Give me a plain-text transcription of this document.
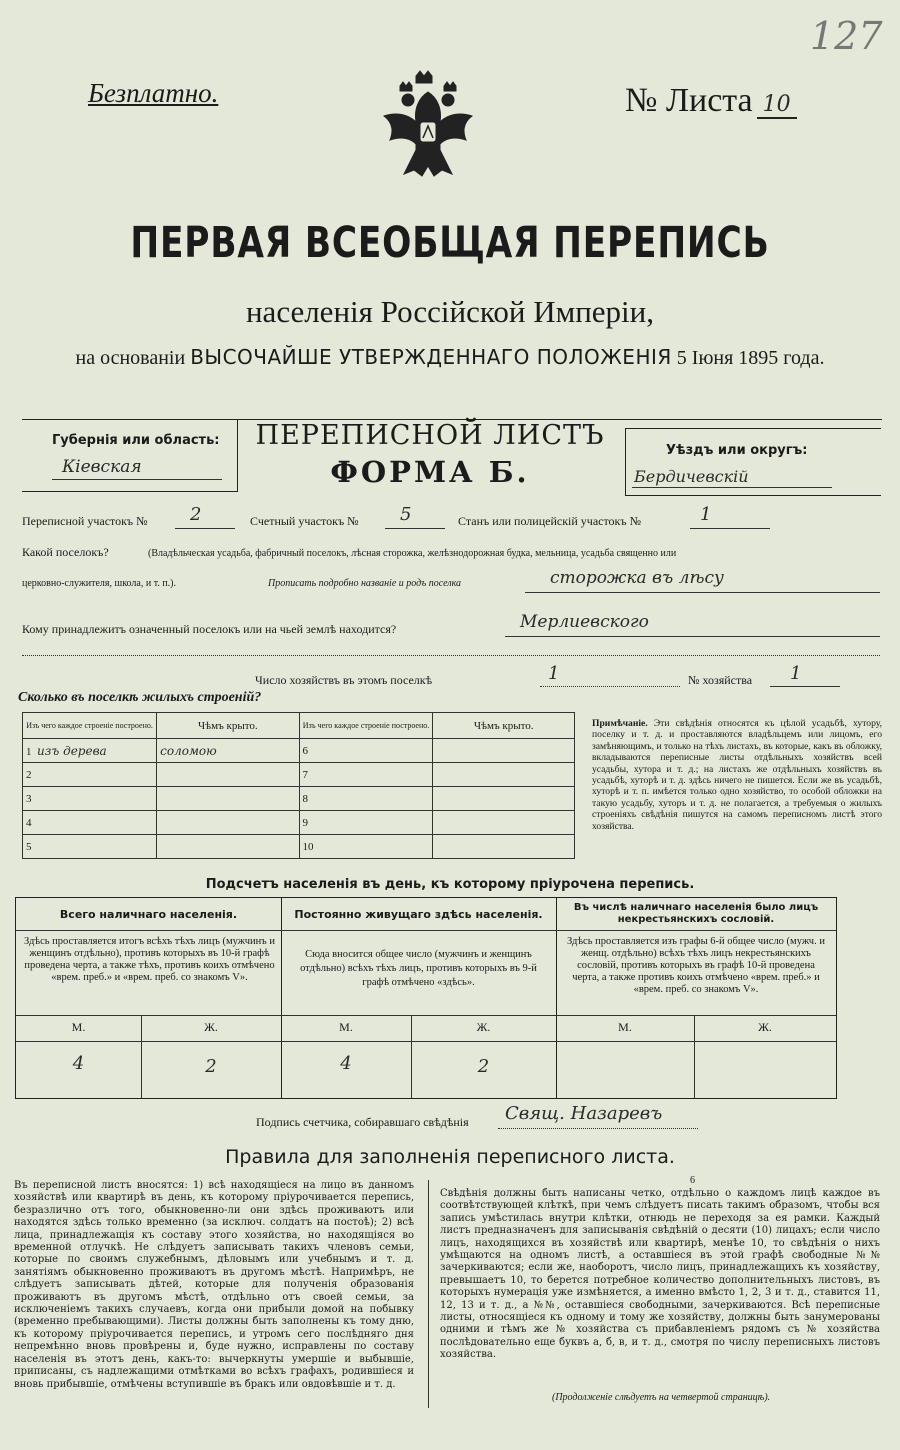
Безплатно.
127
№ Листа 10
ПЕРВАЯ ВСЕОБЩАЯ ПЕРЕПИСЬ
населенія Россійской Имперіи,
на основаніи ВЫСОЧАЙШЕ УТВЕРЖДЕННАГО ПОЛОЖЕНІЯ 5 Іюня 1895 года.
Губернія или область:
Кіевская
ПЕРЕПИСНОЙ ЛИСТЪ
ФОРМА Б.
Уѣздъ или округъ:
Бердичевскій
Переписной участокъ № 2	Счетный участокъ № 5	Станъ или полицейскій участокъ №	1
Какой поселокъ?	(Владѣльческая усадьба, фабричный поселокъ, лѣсная сторожка, желѣзнодорожная будка, мельница, усадьба священно или
церковно-служителя, школа, и т. п.).	Прописать подробно названіе и родъ поселка	сторожка въ лѣсу
Кому принадлежитъ означенный поселокъ или на чьей землѣ находится?	Мерлиевского
Число хозяйствъ въ этомъ поселкѣ	1	№ хозяйства 1
Сколько въ поселкѣ жилыхъ строеній?
Изъ чего каждое строеніе построено.	Чѣмъ крыто.	Изъ чего каждое строеніе построено.	Чѣмъ крыто.
1 изъ дерева	соломою	6	
2		7	
3		8	
4		9	
5		10	
Примѣчаніе. Эти свѣдѣнія относятся къ цѣлой усадьбѣ, хутору, поселку и т. д. и проставляются владѣльцемъ или лицомъ, его замѣняющимъ, и только на тѣхъ листахъ, въ которые, какъ въ обложку, вкладываются переписные листы отдѣльныхъ хозяйствъ всей усадьбы, хутора и т. д.; на листахъ же отдѣльныхъ хозяйствъ въ усадьбѣ, хуторѣ и т. д. здѣсь ничего не пишется. Если же въ усадьбѣ, хуторѣ и т. п. имѣется только одно хозяйство, то особой обложки на такую усадьбу, хуторъ и т. д. не полагается, а требуемыя о жилыхъ строеніяхъ свѣдѣнія пишутся на самомъ переписномъ листѣ этого хозяйства.
Подсчетъ населенія въ день, къ которому пріурочена перепись.
Всего наличнаго населенія.	Постоянно живущаго здѣсь населенія.
Въ числѣ наличнаго населенія было лицъ некрестьянскихъ сословій.
Здѣсь проставляется итогъ всѣхъ тѣхъ лицъ (мужчинъ и женщинъ отдѣльно), противъ которыхъ въ 10-й графѣ проведена черта, а также тѣхъ, противъ коихъ отмѣчено «врем. преб.» и «врем. преб. со знакомъ V».
Сюда вносится общее число (мужчинъ и женщинъ отдѣльно) всѣхъ тѣхъ лицъ, противъ которыхъ въ 9-й графѣ отмѣчено «здѣсь».
Здѣсь проставляется изъ графы 6-й общее число (мужч. и женщ. отдѣльно) всѣхъ тѣхъ лицъ некрестьянскихъ сословій, противъ которыхъ въ графѣ 10-й проведена черта, а также противъ коихъ отмѣчено «врем. преб.» и «врем. преб. со знакомъ V».
М.	Ж.	М.	Ж.	М.	Ж.
4	2	4	2
Подпись счетчика, собиравшаго свѣдѣнія Свящ. Назаревъ
Правила для заполненія переписного листа.
Въ переписной листъ вносятся: 1) всѣ находящіеся на лицо въ данномъ хозяйствѣ или квартирѣ въ день, къ которому пріурочивается перепись, безразлично отъ того, обыкновенно-ли они здѣсь проживаютъ или находятся здѣсь только временно (за исключ. солдатъ на постоѣ); 2) всѣ лица, принадлежащія къ составу этого хозяйства, но находящіяся во временной отлучкѣ. Не слѣдуетъ записывать такихъ членовъ семьи, которые по своимъ служебнымъ, дѣловымъ или учебнымъ и т. д. занятіямъ обыкновенно проживаютъ въ другомъ мѣстѣ. Напримѣръ, не слѣдуетъ записывать дѣтей, которые для полученія образованія проживаютъ въ другомъ мѣстѣ, отдѣльно отъ своей семьи, за исключеніемъ такихъ случаевъ, когда они прибыли домой на побывку (временно пребывающими). Листы должны быть заполнены къ тому дню, къ которому пріурочивается перепись, и утромъ сего послѣдняго дня непремѣнно вновь провѣрены и, буде нужно, исправлены по составу населенія въ этотъ день, какъ-то: вычеркнуты умершіе и выбывшіе, приписаны, съ надлежащими отмѣтками во всѣхъ графахъ, родившіеся и вновь прибывшіе, отмѣчены вступившіе въ бракъ или овдовѣвшіе и т. д.
6
Свѣдѣнія должны быть написаны четко, отдѣльно о каждомъ лицѣ каждое въ соотвѣтствующей клѣткѣ, при чемъ слѣдуетъ писать такимъ образомъ, чтобы вся запись умѣстилась внутри клѣтки, отнюдь не переходя за ея рамки. Каждый листъ предназначенъ для записыванія свѣдѣній о десяти (10) лицахъ; если число лицъ, находящихся въ хозяйствѣ или квартирѣ, менѣе 10, то свѣдѣнія о нихъ умѣщаются на одномъ листѣ, а оставшіеся въ этой графѣ свободные №№ зачеркиваются; если же, наоборотъ, число лицъ, принадлежащихъ къ хозяйству, превышаетъ 10, то берется потребное количество дополнительныхъ листовъ, въ которыхъ нумерація уже измѣняется, а именно вмѣсто 1, 2, 3 и т. д., ставится 11, 12, 13 и т. д., а №№, оставшіеся свободными, зачеркиваются. Всѣ переписные листы, относящіеся къ одному и тому же хозяйству, должны быть занумерованы одними и тѣмъ же № хозяйства съ прибавленіемъ рядомъ съ № хозяйства послѣдовательно еще буквъ а, б, в, и т. д., смотря по числу переписныхъ листовъ хозяйства.
(Продолженіе слѣдуетъ на четвертой страницѣ).
